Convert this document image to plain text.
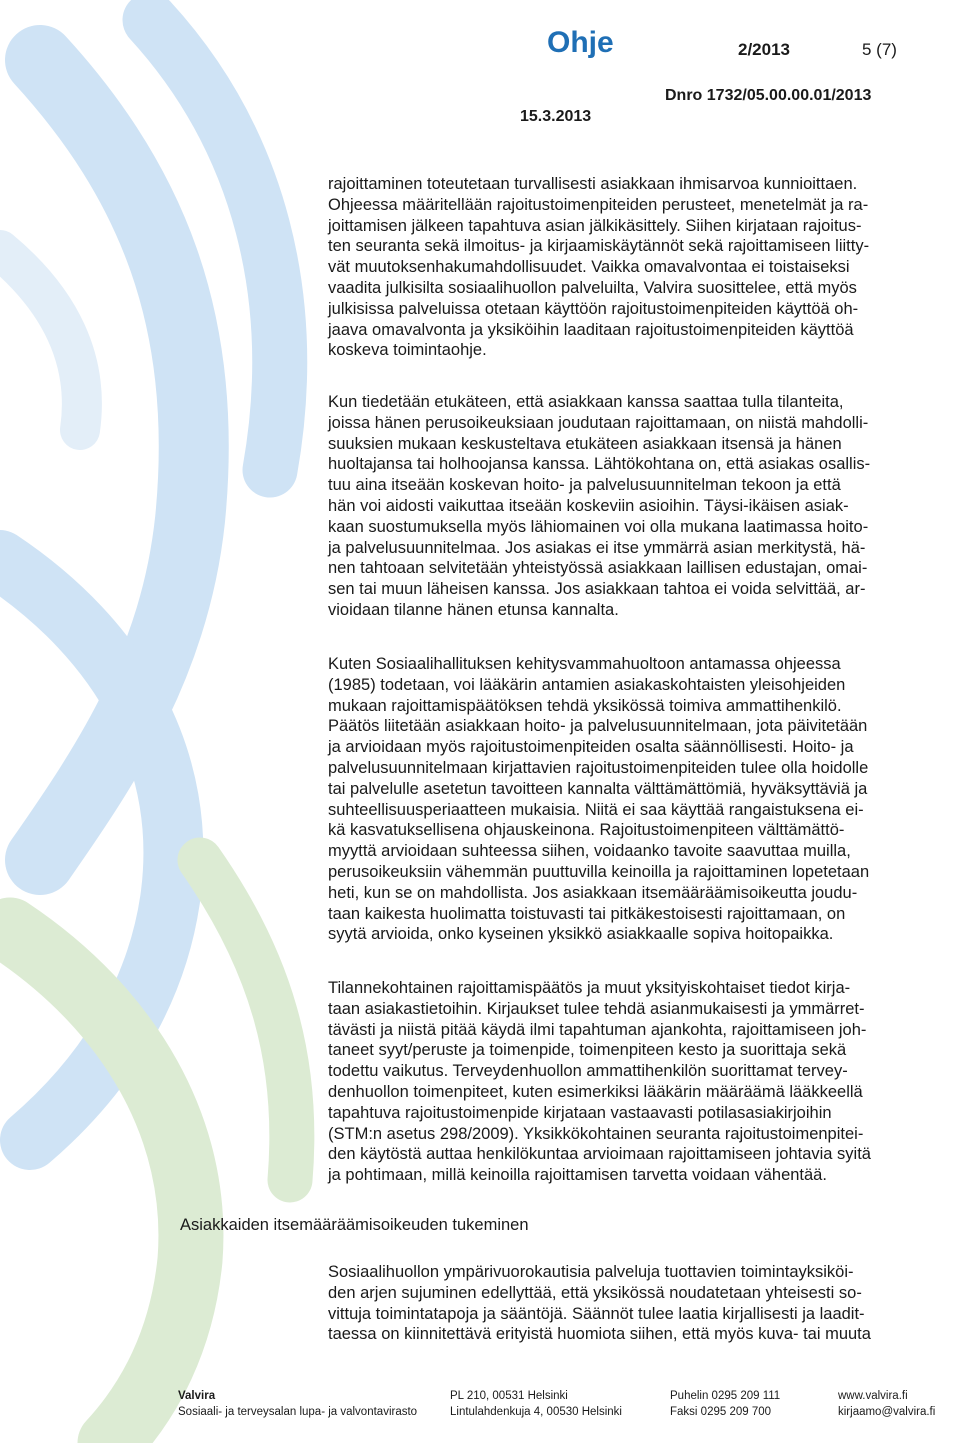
Ohje	2/2013	5 (7)
Dnro 1732/05.00.00.01/2013
15.3.2013
rajoittaminen toteutetaan turvallisesti asiakkaan ihmisarvoa kunnioittaen.
Ohjeessa määritellään rajoitustoimenpiteiden perusteet, menetelmät ja ra-
joittamisen jälkeen tapahtuva asian jälkikäsittely. Siihen kirjataan rajoitus-
ten seuranta sekä ilmoitus- ja kirjaamiskäytännöt sekä rajoittamiseen liitty-
vät muutoksenhakumahdollisuudet. Vaikka omavalvontaa ei toistaiseksi
vaadita julkisilta sosiaalihuollon palveluilta, Valvira suosittelee, että myös
julkisissa palveluissa otetaan käyttöön rajoitustoimenpiteiden käyttöä oh-
jaava omavalvonta ja yksiköihin laaditaan rajoitustoimenpiteiden käyttöä
koskeva toimintaohje.
Kun tiedetään etukäteen, että asiakkaan kanssa saattaa tulla tilanteita,
joissa hänen perusoikeuksiaan joudutaan rajoittamaan, on niistä mahdolli-
suuksien mukaan keskusteltava etukäteen asiakkaan itsensä ja hänen
huoltajansa tai holhoojansa kanssa. Lähtökohtana on, että asiakas osallis-
tuu aina itseään koskevan hoito- ja palvelusuunnitelman tekoon ja että
hän voi aidosti vaikuttaa itseään koskeviin asioihin. Täysi-ikäisen asiak-
kaan suostumuksella myös lähiomainen voi olla mukana laatimassa hoito-
ja palvelusuunnitelmaa. Jos asiakas ei itse ymmärrä asian merkitystä, hä-
nen tahtoaan selvitetään yhteistyössä asiakkaan laillisen edustajan, omai-
sen tai muun läheisen kanssa. Jos asiakkaan tahtoa ei voida selvittää, ar-
vioidaan tilanne hänen etunsa kannalta.
Kuten Sosiaalihallituksen kehitysvammahuoltoon antamassa ohjeessa
(1985) todetaan, voi lääkärin antamien asiakaskohtaisten yleisohjeiden
mukaan rajoittamispäätöksen tehdä yksikössä toimiva ammattihenkilö.
Päätös liitetään asiakkaan hoito- ja palvelusuunnitelmaan, jota päivitetään
ja arvioidaan myös rajoitustoimenpiteiden osalta säännöllisesti. Hoito- ja
palvelusuunnitelmaan kirjattavien rajoitustoimenpiteiden tulee olla hoidolle
tai palvelulle asetetun tavoitteen kannalta välttämättömiä, hyväksyttäviä ja
suhteellisuusperiaatteen mukaisia. Niitä ei saa käyttää rangaistuksena ei-
kä kasvatuksellisena ohjauskeinona. Rajoitustoimenpiteen välttämättö-
myyttä arvioidaan suhteessa siihen, voidaanko tavoite saavuttaa muilla,
perusoikeuksiin vähemmän puuttuvilla keinoilla ja rajoittaminen lopetetaan
heti, kun se on mahdollista. Jos asiakkaan itsemääräämisoikeutta joudu-
taan kaikesta huolimatta toistuvasti tai pitkäkestoisesti rajoittamaan, on
syytä arvioida, onko kyseinen yksikkö asiakkaalle sopiva hoitopaikka.
Tilannekohtainen rajoittamispäätös ja muut yksityiskohtaiset tiedot kirja-
taan asiakastietoihin. Kirjaukset tulee tehdä asianmukaisesti ja ymmärret-
tävästi ja niistä pitää käydä ilmi tapahtuman ajankohta, rajoittamiseen joh-
taneet syyt/peruste ja toimenpide, toimenpiteen kesto ja suorittaja sekä
todettu vaikutus. Terveydenhuollon ammattihenkilön suorittamat tervey-
denhuollon toimenpiteet, kuten esimerkiksi lääkärin määräämä lääkkeellä
tapahtuva rajoitustoimenpide kirjataan vastaavasti potilasasiakirjoihin
(STM:n asetus 298/2009). Yksikkökohtainen seuranta rajoitustoimenpitei-
den käytöstä auttaa henkilökuntaa arvioimaan rajoittamiseen johtavia syitä
ja pohtimaan, millä keinoilla rajoittamisen tarvetta voidaan vähentää.
Asiakkaiden itsemääräämisoikeuden tukeminen
Sosiaalihuollon ympärivuorokautisia palveluja tuottavien toimintayksiköi-
den arjen sujuminen edellyttää, että yksikössä noudatetaan yhteisesti so-
vittuja toimintatapoja ja sääntöjä. Säännöt tulee laatia kirjallisesti ja laadit-
taessa on kiinnitettävä erityistä huomiota siihen, että myös kuva- tai muuta
Valvira
Sosiaali- ja terveysalan lupa- ja valvontavirasto
PL 210, 00531 Helsinki
Lintulahdenkuja 4, 00530 Helsinki
Puhelin 0295 209 111
Faksi 0295 209 700
www.valvira.fi
kirjaamo@valvira.fi
